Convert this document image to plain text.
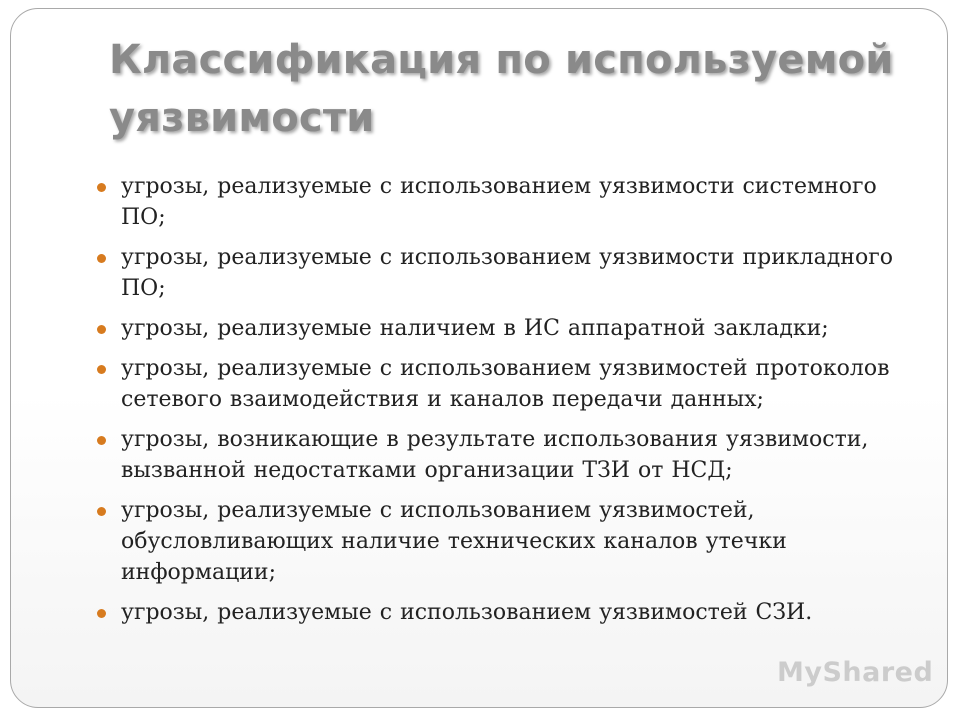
Классификация по используемой уязвимости
угрозы, реализуемые с использованием уязвимости системного ПО;
угрозы, реализуемые с использованием уязвимости прикладного ПО;
угрозы, реализуемые наличием в ИС аппаратной закладки;
угрозы, реализуемые с использованием уязвимостей протоколов сетевого взаимодействия и каналов передачи данных;
угрозы, возникающие в результате использования уязвимости, вызванной недостатками организации ТЗИ от НСД;
угрозы, реализуемые с использованием уязвимостей, обусловливающих наличие технических каналов утечки информации;
угрозы, реализуемые с использованием уязвимостей СЗИ.
МyShared
